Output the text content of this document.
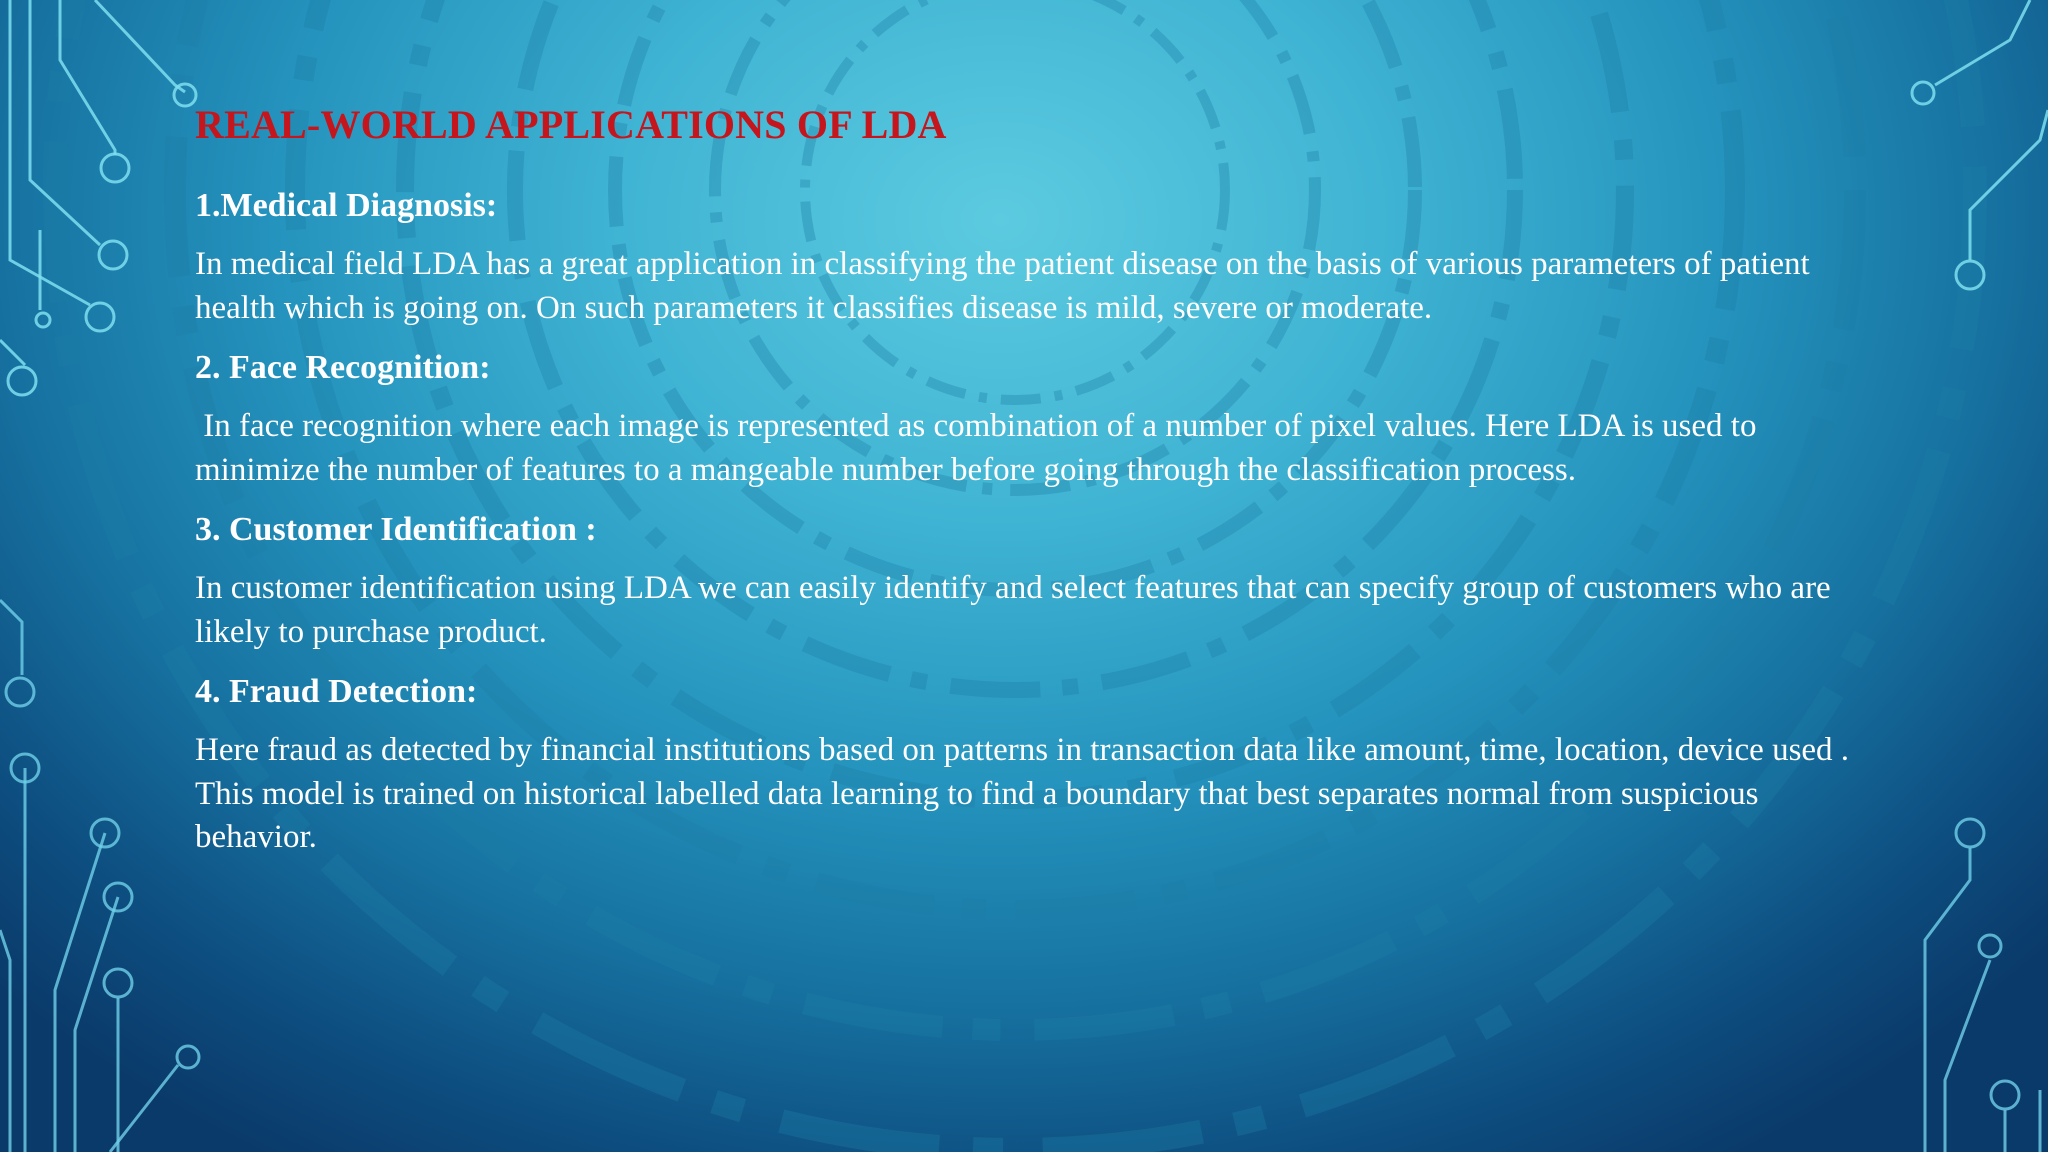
REAL-WORLD APPLICATIONS OF LDA

1.Medical Diagnosis:

In medical field LDA has a great application in classifying the patient disease on the basis of various parameters of patient health which is going on. On such parameters it classifies disease is mild, severe or moderate.

2. Face Recognition:

In face recognition where each image is represented as combination of a number of pixel values. Here LDA is used to minimize the number of features to a mangeable number before going through the classification process.

3. Customer Identification :

In customer identification using LDA we can easily identify and select features that can specify group of customers who are likely to purchase product.

4. Fraud Detection:

Here fraud as detected by financial institutions based on patterns in transaction data like amount, time, location, device used . This model is trained on historical labelled data learning to find a boundary that best separates normal from suspicious behavior.
